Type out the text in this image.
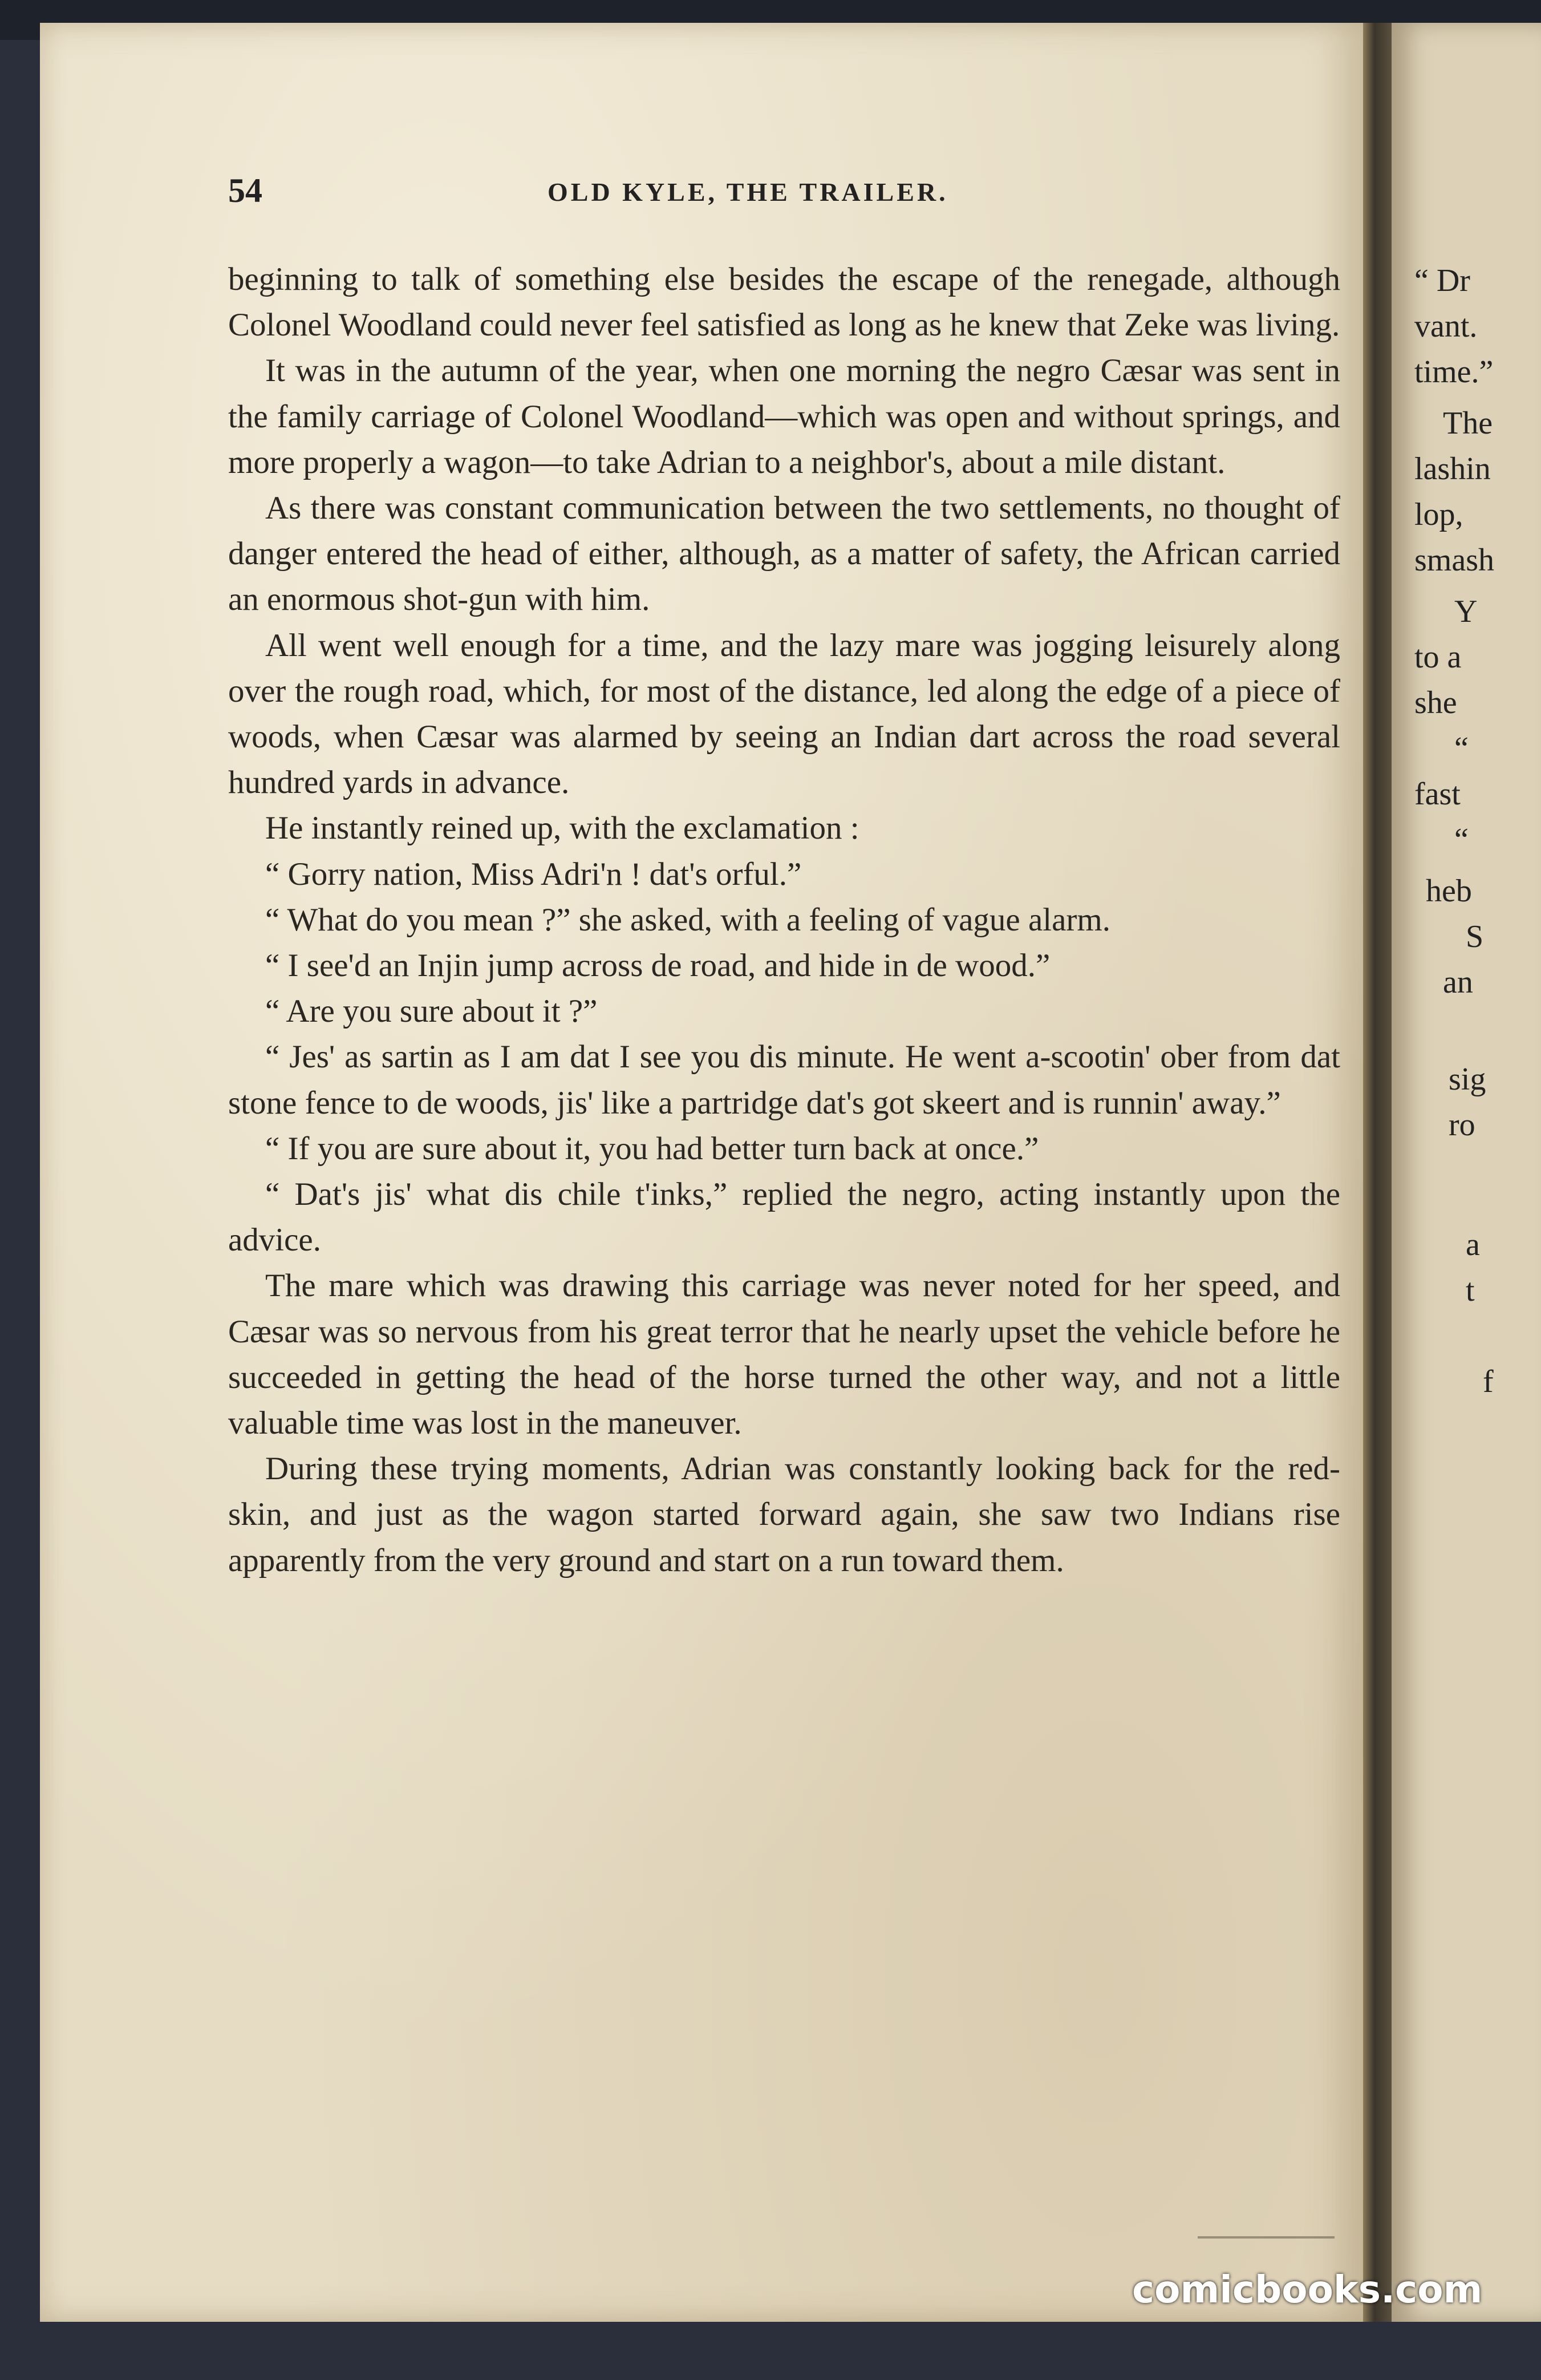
“ Dr
vant.
time.”
The
lashin
lop,
smash
Y
to a
she
“
fast
“
heb
S
an
sig
ro
a
t
f
54	OLD KYLE, THE TRAILER.

beginning to talk of something else besides the escape of the renegade, although Colonel Woodland could never feel satisfied as long as he knew that Zeke was living.

It was in the autumn of the year, when one morning the negro Cæsar was sent in the family carriage of Colonel Woodland—which was open and without springs, and more properly a wagon—to take Adrian to a neighbor's, about a mile distant.

As there was constant communication between the two settlements, no thought of danger entered the head of either, although, as a matter of safety, the African carried an enormous shot-gun with him.

All went well enough for a time, and the lazy mare was jogging leisurely along over the rough road, which, for most of the distance, led along the edge of a piece of woods, when Cæsar was alarmed by seeing an Indian dart across the road several hundred yards in advance.

He instantly reined up, with the exclamation :

“ Gorry nation, Miss Adri'n ! dat's orful.”

“ What do you mean ?” she asked, with a feeling of vague alarm.

“ I see'd an Injin jump across de road, and hide in de wood.”

“ Are you sure about it ?”

“ Jes' as sartin as I am dat I see you dis minute. He went a-scootin' ober from dat stone fence to de woods, jis' like a partridge dat's got skeert and is runnin' away.”

“ If you are sure about it, you had better turn back at once.”

“ Dat's jis' what dis chile t'inks,” replied the negro, acting instantly upon the advice.

The mare which was drawing this carriage was never noted for her speed, and Cæsar was so nervous from his great terror that he nearly upset the vehicle before he succeeded in getting the head of the horse turned the other way, and not a little valuable time was lost in the maneuver.

During these trying moments, Adrian was constantly looking back for the red-skin, and just as the wagon started forward again, she saw two Indians rise apparently from the very ground and start on a run toward them.

comicbooks.com
